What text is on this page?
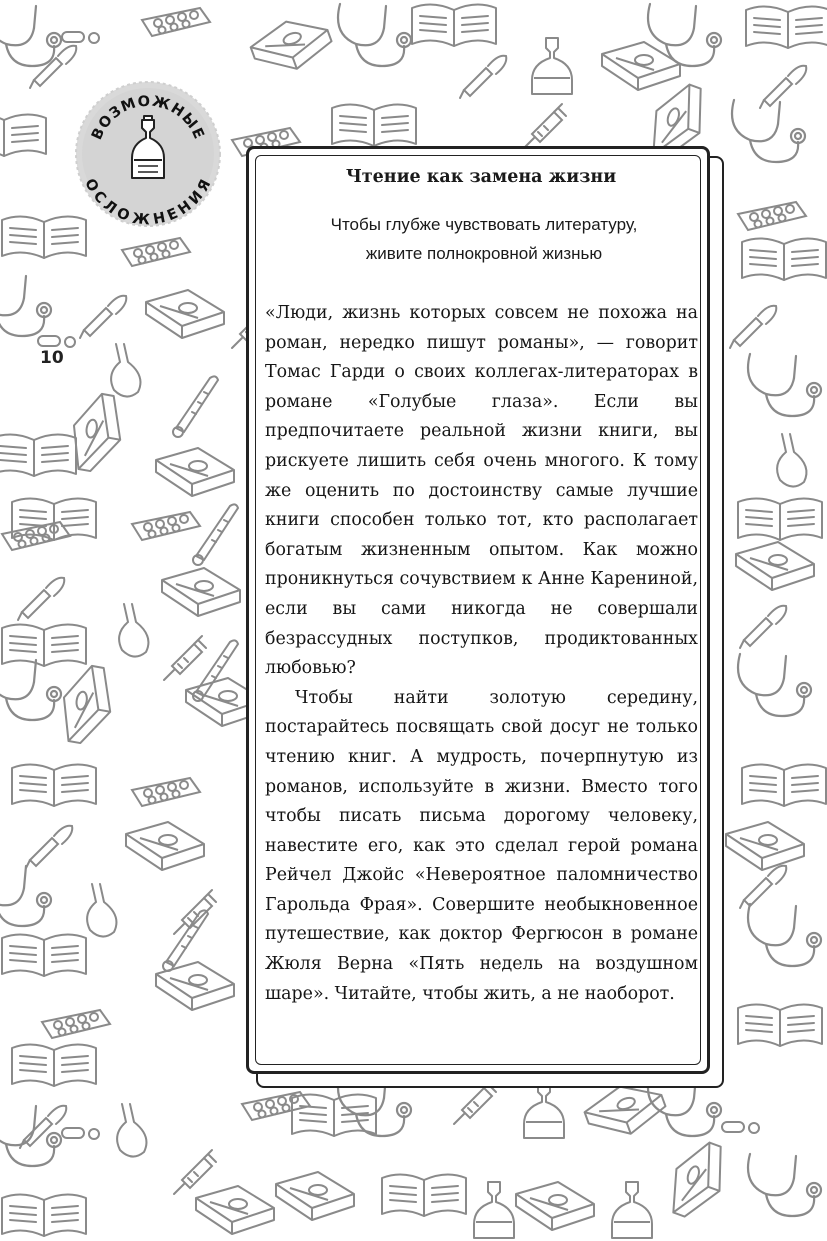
ВОЗМОЖНЫЕ
ОСЛОЖНЕНИЯ
10
Чтение как замена жизни
Чтобы глубже чувствовать литературу,
живите полнокровной жизнью

«Люди, жизнь которых совсем не похожа на роман, нередко пишут романы», — говорит Томас Гарди о своих коллегах-литераторах в романе «Голубые глаза». Если вы предпочитаете реальной жизни книги, вы рискуете лишить себя очень многого. К тому же оценить по достоинству самые лучшие книги способен только тот, кто располагает богатым жизненным опытом. Как можно проникнуться сочувствием к Анне Карениной, если вы сами никогда не совершали безрассудных поступков, продиктованных любовью?

Чтобы найти золотую середину, постарайтесь посвящать свой досуг не только чтению книг. А мудрость, почерпнутую из романов, используйте в жизни. Вместо того чтобы писать письма дорогому человеку, навестите его, как это сделал герой романа Рейчел Джойс «Невероятное паломничество Гарольда Фрая». Совершите необыкновенное путешествие, как доктор Фергюсон в романе Жюля Верна «Пять недель на воздушном шаре». Читайте, чтобы жить, а не наоборот.
